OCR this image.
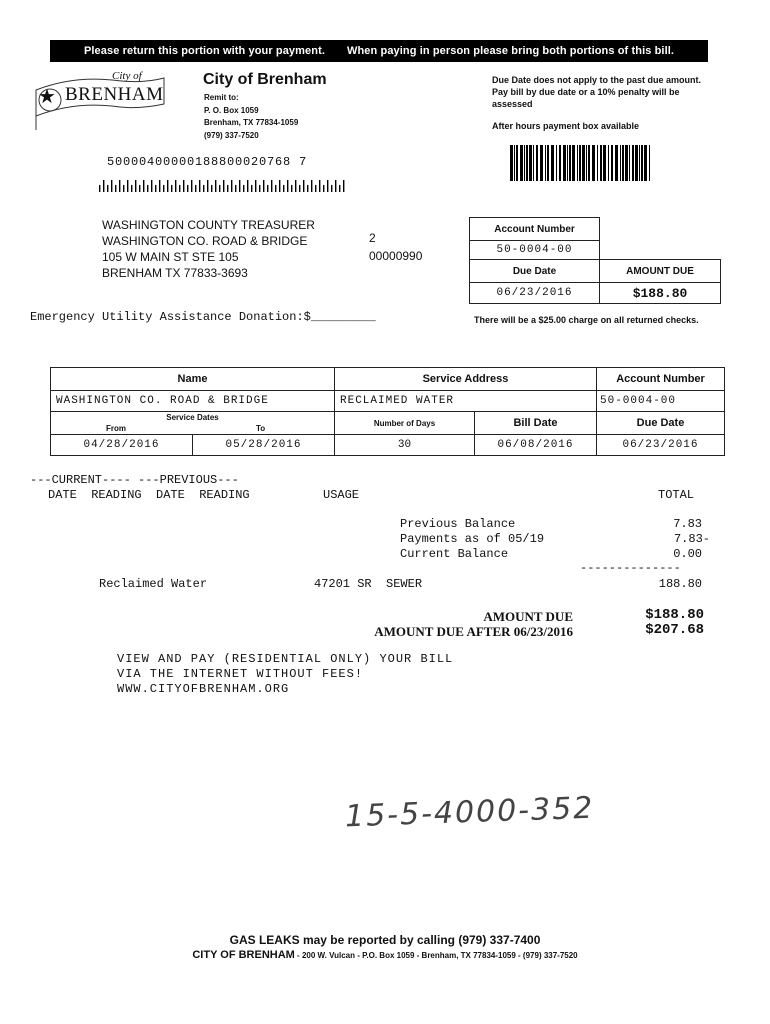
Please return this portion with your payment. When paying in person please bring both portions of this bill.
★
City of
BRENHAM
City of Brenham
Remit to:
P. O. Box 1059
Brenham, TX 77834-1059
(979) 337-7520
Due Date does not apply to the past due amount. Pay bill by due date or a 10% penalty will be assessed
After hours payment box available
50000400000188800020768 7
WASHINGTON COUNTY TREASURER
WASHINGTON CO. ROAD & BRIDGE
105 W MAIN ST STE 105
BRENHAM TX 77833-3693
2
00000990
Account Number
50-0004-00
Due Date	AMOUNT DUE
06/23/2016	$188.80
Emergency Utility Assistance Donation:$_________	There will be a $25.00 charge on all returned checks.
Name	Service Address	Account Number
WASHINGTON CO. ROAD & BRIDGE	RECLAIMED WATER	50-0004-00
Service Dates
From	To
Number of Days	Bill Date	Due Date
04/28/2016	05/28/2016	30	06/08/2016	06/23/2016
---CURRENT---- ---PREVIOUS---
DATE  READING  DATE  READING	USAGE	TOTAL
Previous Balance	7.83
Payments as of 05/19	7.83-
Current Balance	0.00
--------------
Reclaimed Water	47201 SR  SEWER	188.80
AMOUNT DUE	$188.80
AMOUNT DUE AFTER 06/23/2016	$207.68
VIEW AND PAY (RESIDENTIAL ONLY) YOUR BILL
VIA THE INTERNET WITHOUT FEES!
WWW.CITYOFBRENHAM.ORG
15-5-4000-352
GAS LEAKS may be reported by calling (979) 337-7400
CITY OF BRENHAM - 200 W. Vulcan - P.O. Box 1059 - Brenham, TX 77834-1059 - (979) 337-7520
